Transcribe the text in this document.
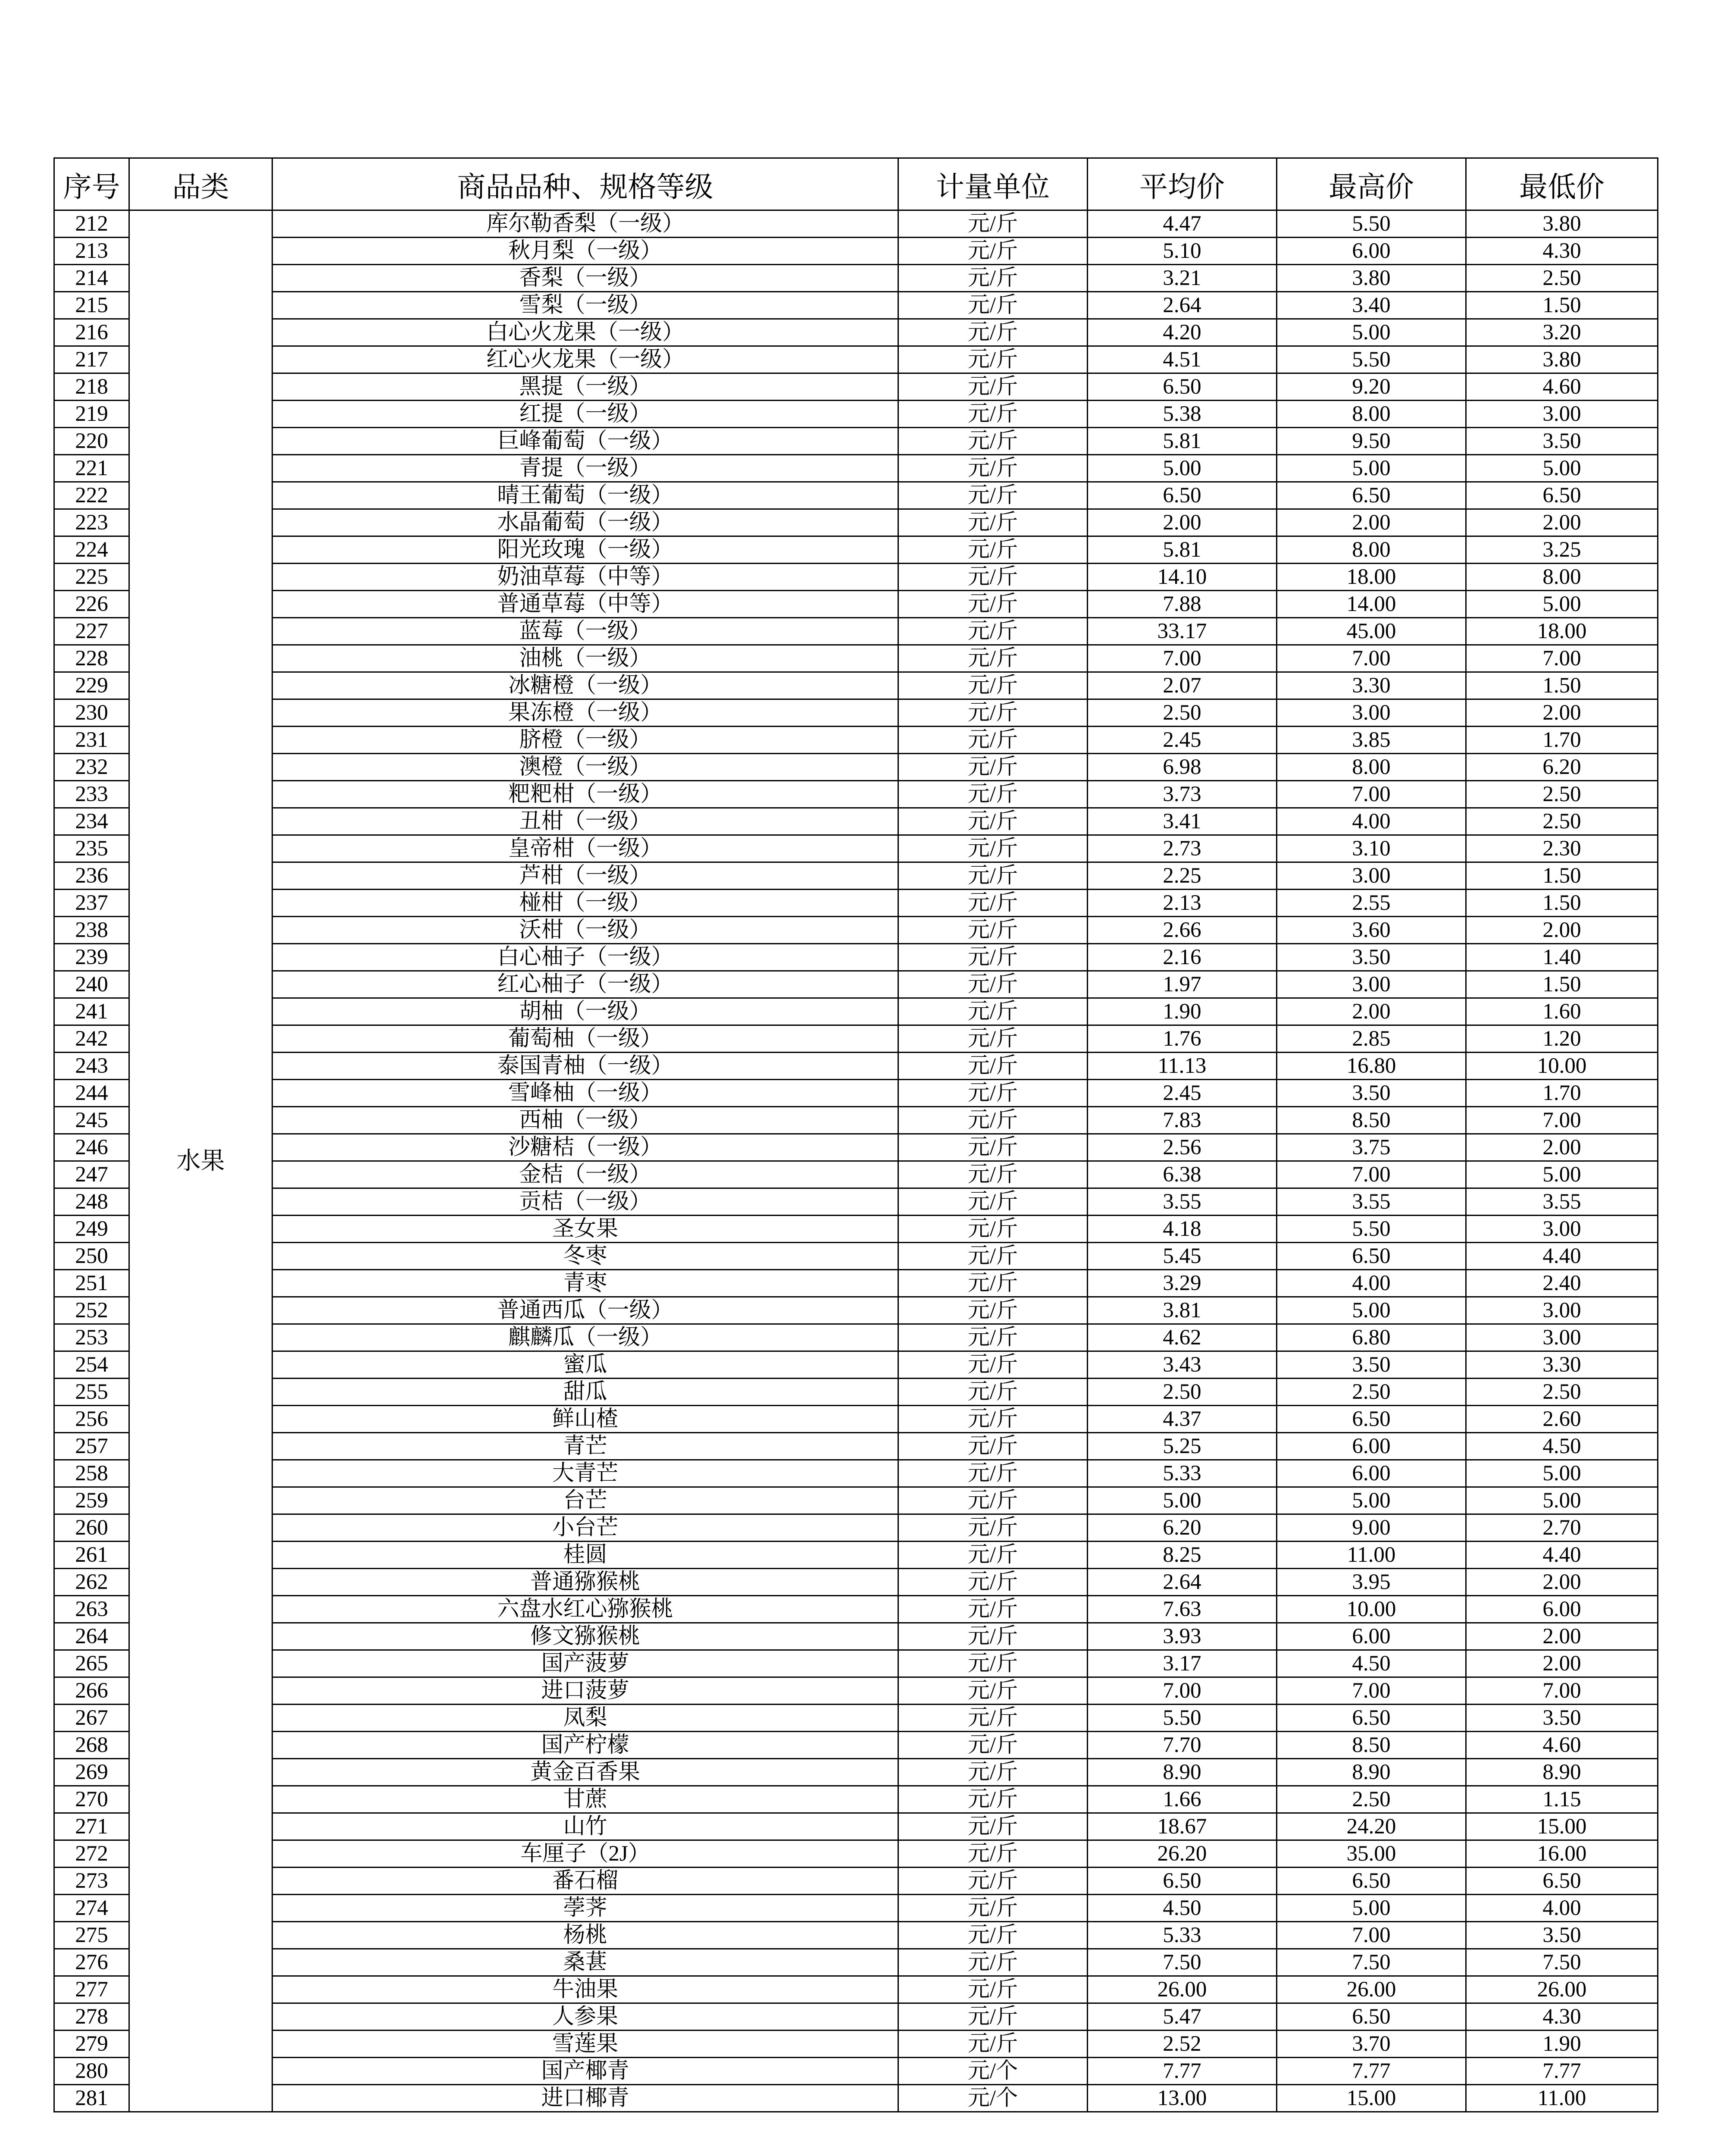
序号	品类	商品品种、规格等级	计量单位	平均价	最高价	最低价
212	水果	库尔勒香梨（一级）	元/斤	4.47	5.50	3.80
213		秋月梨（一级）	元/斤	5.10	6.00	4.30
214		香梨（一级）	元/斤	3.21	3.80	2.50
215		雪梨（一级）	元/斤	2.64	3.40	1.50
216		白心火龙果（一级）	元/斤	4.20	5.00	3.20
217		红心火龙果（一级）	元/斤	4.51	5.50	3.80
218		黑提（一级）	元/斤	6.50	9.20	4.60
219		红提（一级）	元/斤	5.38	8.00	3.00
220		巨峰葡萄（一级）	元/斤	5.81	9.50	3.50
221		青提（一级）	元/斤	5.00	5.00	5.00
222		晴王葡萄（一级）	元/斤	6.50	6.50	6.50
223		水晶葡萄（一级）	元/斤	2.00	2.00	2.00
224		阳光玫瑰（一级）	元/斤	5.81	8.00	3.25
225		奶油草莓（中等）	元/斤	14.10	18.00	8.00
226		普通草莓（中等）	元/斤	7.88	14.00	5.00
227		蓝莓（一级）	元/斤	33.17	45.00	18.00
228		油桃（一级）	元/斤	7.00	7.00	7.00
229		冰糖橙（一级）	元/斤	2.07	3.30	1.50
230		果冻橙（一级）	元/斤	2.50	3.00	2.00
231		脐橙（一级）	元/斤	2.45	3.85	1.70
232		澳橙（一级）	元/斤	6.98	8.00	6.20
233		粑粑柑（一级）	元/斤	3.73	7.00	2.50
234		丑柑（一级）	元/斤	3.41	4.00	2.50
235		皇帝柑（一级）	元/斤	2.73	3.10	2.30
236		芦柑（一级）	元/斤	2.25	3.00	1.50
237		椪柑（一级）	元/斤	2.13	2.55	1.50
238		沃柑（一级）	元/斤	2.66	3.60	2.00
239		白心柚子（一级）	元/斤	2.16	3.50	1.40
240		红心柚子（一级）	元/斤	1.97	3.00	1.50
241		胡柚（一级）	元/斤	1.90	2.00	1.60
242		葡萄柚（一级）	元/斤	1.76	2.85	1.20
243		泰国青柚（一级）	元/斤	11.13	16.80	10.00
244		雪峰柚（一级）	元/斤	2.45	3.50	1.70
245		西柚（一级）	元/斤	7.83	8.50	7.00
246		沙糖桔（一级）	元/斤	2.56	3.75	2.00
247		金桔（一级）	元/斤	6.38	7.00	5.00
248		贡桔（一级）	元/斤	3.55	3.55	3.55
249		圣女果	元/斤	4.18	5.50	3.00
250		冬枣	元/斤	5.45	6.50	4.40
251		青枣	元/斤	3.29	4.00	2.40
252		普通西瓜（一级）	元/斤	3.81	5.00	3.00
253		麒麟瓜（一级）	元/斤	4.62	6.80	3.00
254		蜜瓜	元/斤	3.43	3.50	3.30
255		甜瓜	元/斤	2.50	2.50	2.50
256		鲜山楂	元/斤	4.37	6.50	2.60
257		青芒	元/斤	5.25	6.00	4.50
258		大青芒	元/斤	5.33	6.00	5.00
259		台芒	元/斤	5.00	5.00	5.00
260		小台芒	元/斤	6.20	9.00	2.70
261		桂圆	元/斤	8.25	11.00	4.40
262		普通猕猴桃	元/斤	2.64	3.95	2.00
263		六盘水红心猕猴桃	元/斤	7.63	10.00	6.00
264		修文猕猴桃	元/斤	3.93	6.00	2.00
265		国产菠萝	元/斤	3.17	4.50	2.00
266		进口菠萝	元/斤	7.00	7.00	7.00
267		凤梨	元/斤	5.50	6.50	3.50
268		国产柠檬	元/斤	7.70	8.50	4.60
269		黄金百香果	元/斤	8.90	8.90	8.90
270		甘蔗	元/斤	1.66	2.50	1.15
271		山竹	元/斤	18.67	24.20	15.00
272		车厘子（2J）	元/斤	26.20	35.00	16.00
273		番石榴	元/斤	6.50	6.50	6.50
274		荸荠	元/斤	4.50	5.00	4.00
275		杨桃	元/斤	5.33	7.00	3.50
276		桑葚	元/斤	7.50	7.50	7.50
277		牛油果	元/斤	26.00	26.00	26.00
278		人参果	元/斤	5.47	6.50	4.30
279		雪莲果	元/斤	2.52	3.70	1.90
280		国产椰青	元/个	7.77	7.77	7.77
281		进口椰青	元/个	13.00	15.00	11.00
